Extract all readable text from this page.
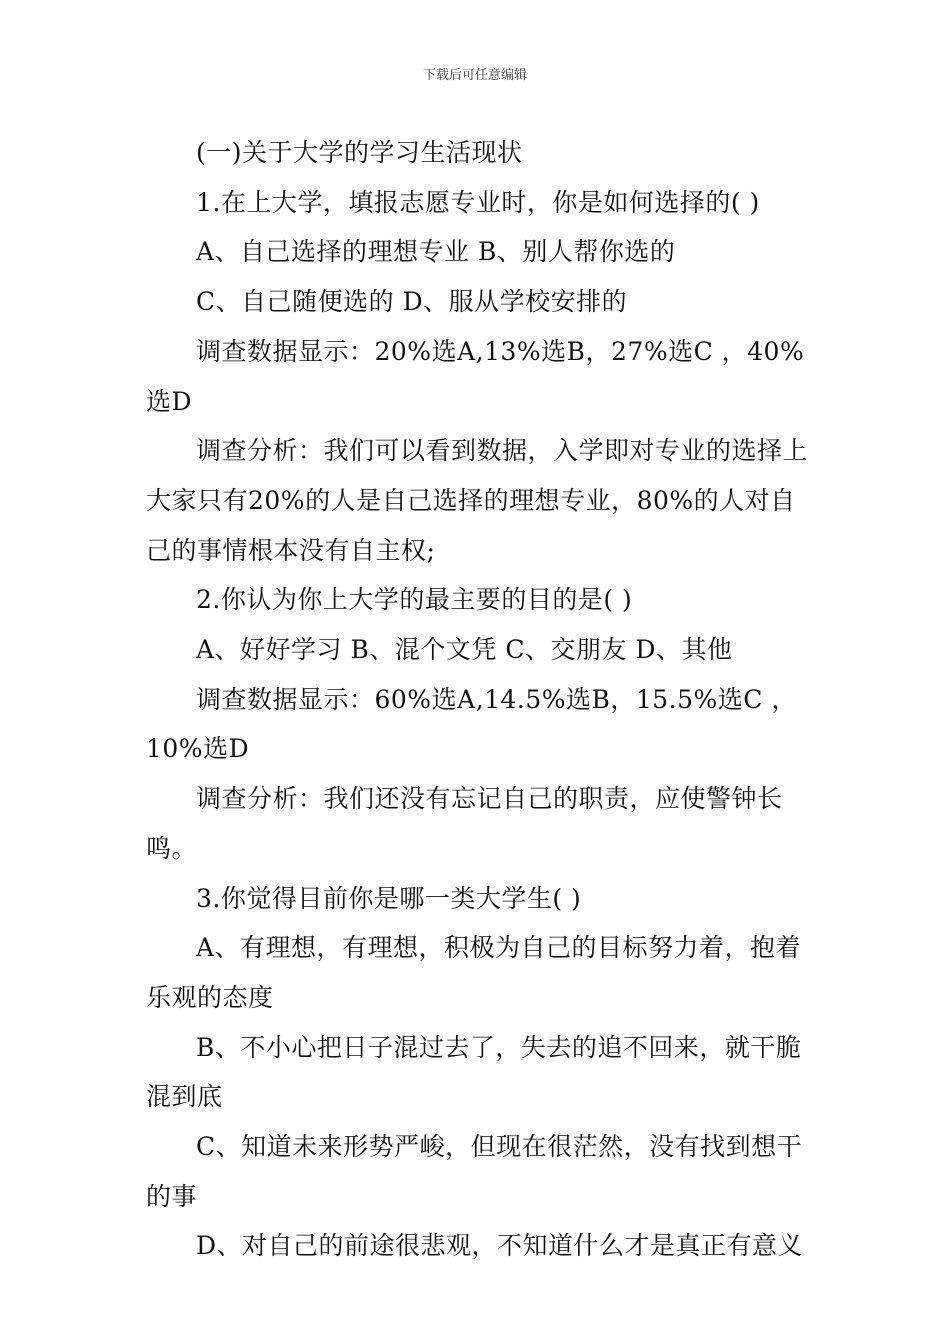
下载后可任意编辑

(一)关于大学的学习生活现状

1.在上大学，填报志愿专业时，你是如何选择的( )

A、自己选择的理想专业 B、别人帮你选的

C、自己随便选的 D、服从学校安排的

调查数据显示：20%选A,13%选B，27%选C ，40%选D

调查分析：我们可以看到数据，入学即对专业的选择上大家只有20%的人是自己选择的理想专业，80%的人对自己的事情根本没有自主权;

2.你认为你上大学的最主要的目的是( )

A、好好学习 B、混个文凭 C、交朋友 D、其他

调查数据显示：60%选A,14.5%选B，15.5%选C ，10%选D

调查分析：我们还没有忘记自己的职责，应使警钟长鸣。

3.你觉得目前你是哪一类大学生( )

A、有理想，有理想，积极为自己的目标努力着，抱着乐观的态度

B、不小心把日子混过去了，失去的追不回来，就干脆混到底

C、知道未来形势严峻，但现在很茫然，没有找到想干的事

D、对自己的前途很悲观，不知道什么才是真正有意义
